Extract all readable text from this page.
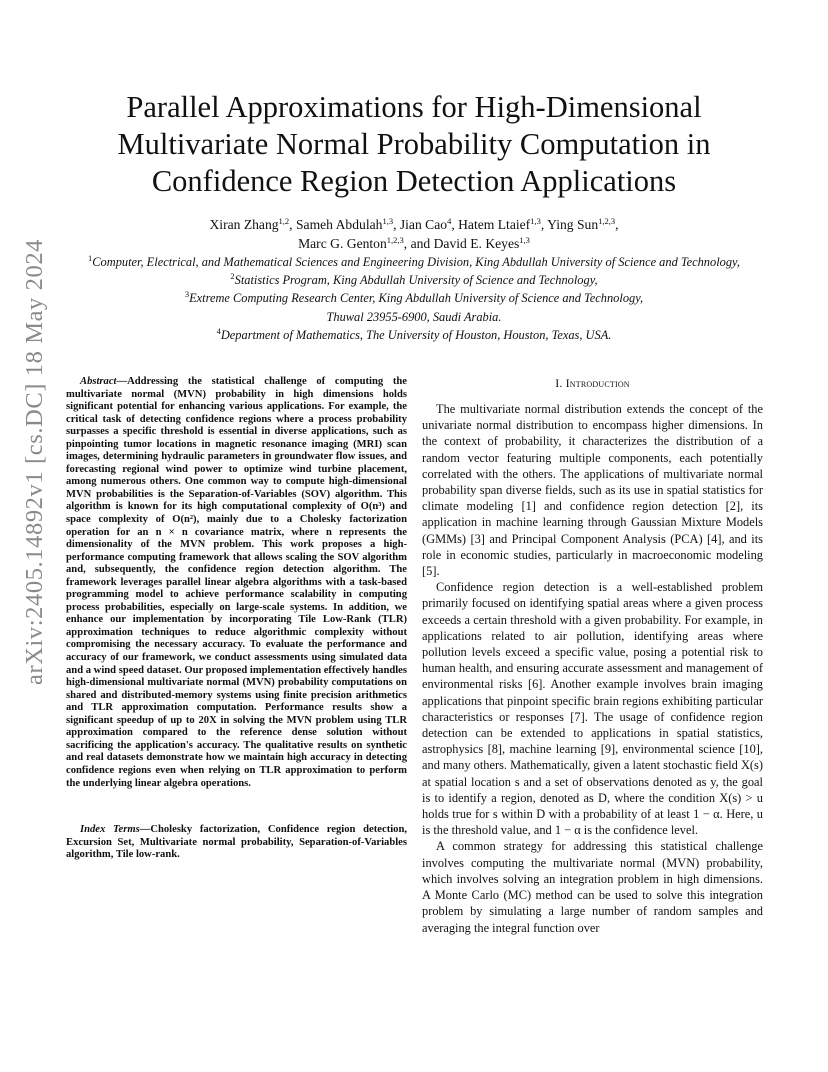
arXiv:2405.14892v1 [cs.DC] 18 May 2024
Parallel Approximations for High-Dimensional
Multivariate Normal Probability Computation in
Confidence Region Detection Applications
Xiran Zhang$^{1,2}$, Sameh Abdulah$^{1,3}$, Jian Cao$^4$, Hatem Ltaief$^{1,3}$, Ying Sun$^{1,2,3}$,
Marc G. Genton$^{1,2,3}$, and David E. Keyes$^{1,3}$
$^1$Computer, Electrical, and Mathematical Sciences and Engineering Division, King Abdullah University of Science and Technology,
$^2$Statistics Program, King Abdullah University of Science and Technology,
$^3$Extreme Computing Research Center, King Abdullah University of Science and Technology,
Thuwal 23955-6900, Saudi Arabia.
$^4$Department of Mathematics, The University of Houston, Houston, Texas, USA.

Abstract—Addressing the statistical challenge of computing the multivariate normal (MVN) probability in high dimensions holds significant potential for enhancing various applications. For example, the critical task of detecting confidence regions where a process probability surpasses a specific threshold is essential in diverse applications, such as pinpointing tumor locations in magnetic resonance imaging (MRI) scan images, determining hydraulic parameters in groundwater flow issues, and forecasting regional wind power to optimize wind turbine placement, among numerous others. One common way to compute high-dimensional MVN probabilities is the Separation-of-Variables (SOV) algorithm. This algorithm is known for its high computational complexity of O(n³) and space complexity of O(n²), mainly due to a Cholesky factorization operation for an n × n covariance matrix, where n represents the dimensionality of the MVN problem. This work proposes a high-performance computing framework that allows scaling the SOV algorithm and, subsequently, the confidence region detection algorithm. The framework leverages parallel linear algebra algorithms with a task-based programming model to achieve performance scalability in computing process probabilities, especially on large-scale systems. In addition, we enhance our implementation by incorporating Tile Low-Rank (TLR) approximation techniques to reduce algorithmic complexity without compromising the necessary accuracy. To evaluate the performance and accuracy of our framework, we conduct assessments using simulated data and a wind speed dataset. Our proposed implementation effectively handles high-dimensional multivariate normal (MVN) probability computations on shared and distributed-memory systems using finite precision arithmetics and TLR approximation computation. Performance results show a significant speedup of up to 20X in solving the MVN problem using TLR approximation compared to the reference dense solution without sacrificing the application's accuracy. The qualitative results on synthetic and real datasets demonstrate how we maintain high accuracy in detecting confidence regions even when relying on TLR approximation to perform the underlying linear algebra operations.

Index Terms—Cholesky factorization, Confidence region detection, Excursion Set, Multivariate normal probability, Separation-of-Variables algorithm, Tile low-rank.

I. Introduction

The multivariate normal distribution extends the concept of the univariate normal distribution to encompass higher dimensions. In the context of probability, it characterizes the distribution of a random vector featuring multiple components, each potentially correlated with the others. The applications of multivariate normal probability span diverse fields, such as its use in spatial statistics for climate modeling [1] and confidence region detection [2], its application in machine learning through Gaussian Mixture Models (GMMs) [3] and Principal Component Analysis (PCA) [4], and its role in economic studies, particularly in macroeconomic modeling [5].

Confidence region detection is a well-established problem primarily focused on identifying spatial areas where a given process exceeds a certain threshold with a given probability. For example, in applications related to air pollution, identifying areas where pollution levels exceed a specific value, posing a potential risk to human health, and ensuring accurate assessment and management of environmental risks [6]. Another example involves brain imaging applications that pinpoint specific brain regions exhibiting particular characteristics or responses [7]. The usage of confidence region detection can be extended to applications in spatial statistics, astrophysics [8], machine learning [9], environmental science [10], and many others. Mathematically, given a latent stochastic field X(s) at spatial location s and a set of observations denoted as y, the goal is to identify a region, denoted as D, where the condition X(s) > u holds true for s within D with a probability of at least 1 − α. Here, u is the threshold value, and 1 − α is the confidence level.

A common strategy for addressing this statistical challenge involves computing the multivariate normal (MVN) probability, which involves solving an integration problem in high dimensions. A Monte Carlo (MC) method can be used to solve this integration problem by simulating a large number of random samples and averaging the integral function over
